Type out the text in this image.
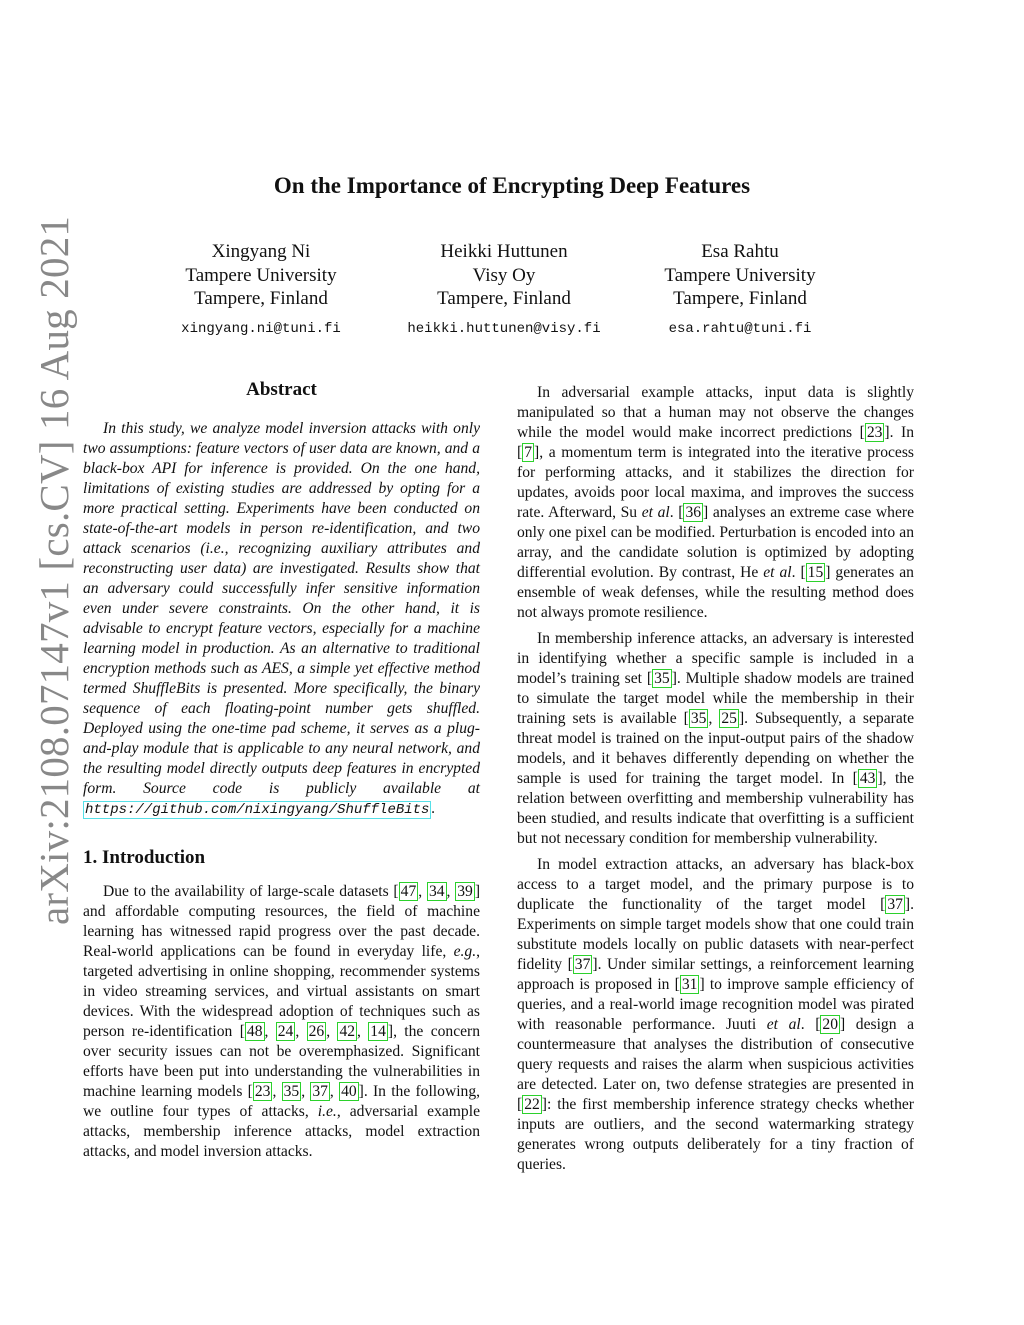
arXiv:2108.07147v1 [cs.CV] 16 Aug 2021
On the Importance of Encrypting Deep Features
Xingyang Ni
Tampere University
Tampere, Finland
xingyang.ni@tuni.fi
Heikki Huttunen
Visy Oy
Tampere, Finland
heikki.huttunen@visy.fi
Esa Rahtu
Tampere University
Tampere, Finland
esa.rahtu@tuni.fi
Abstract

In this study, we analyze model inversion attacks with only two assumptions: feature vectors of user data are known, and a black-box API for inference is provided. On the one hand, limitations of existing studies are addressed by opting for a more practical setting. Experiments have been conducted on state-of-the-art models in person re-identification, and two attack scenarios (i.e., recognizing auxiliary attributes and reconstructing user data) are investigated. Results show that an adversary could successfully infer sensitive information even under severe constraints. On the other hand, it is advisable to encrypt feature vectors, especially for a machine learning model in production. As an alternative to traditional encryption methods such as AES, a simple yet effective method termed ShuffleBits is presented. More specifically, the binary sequence of each floating-point number gets shuffled. Deployed using the one-time pad scheme, it serves as a plug-and-play module that is applicable to any neural network, and the resulting model directly outputs deep features in encrypted form. Source code is publicly available at https://github.com/nixingyang/ShuffleBits .

1. Introduction

Due to the availability of large-scale datasets [ 47 , 34 , 39 ] and affordable computing resources, the field of machine learning has witnessed rapid progress over the past decade. Real-world applications can be found in everyday life, e.g., targeted advertising in online shopping, recommender systems in video streaming services, and virtual assistants on smart devices. With the widespread adoption of techniques such as person re-identification [ 48 , 24 , 26 , 42 , 14 ], the concern over security issues can not be overemphasized. Significant efforts have been put into understanding the vulnerabilities in machine learning models [ 23 , 35 , 37 , 40 ]. In the following, we outline four types of attacks, i.e., adversarial example attacks, membership inference attacks, model extraction attacks, and model inversion attacks.

In adversarial example attacks, input data is slightly manipulated so that a human may not observe the changes while the model would make incorrect predictions [ 23 ]. In [ 7 ], a momentum term is integrated into the iterative process for performing attacks, and it stabilizes the direction for updates, avoids poor local maxima, and improves the success rate. Afterward, Su et al. [ 36 ] analyses an extreme case where only one pixel can be modified. Perturbation is encoded into an array, and the candidate solution is optimized by adopting differential evolution. By contrast, He et al. [ 15 ] generates an ensemble of weak defenses, while the resulting method does not always promote resilience.

In membership inference attacks, an adversary is interested in identifying whether a specific sample is included in a model’s training set [ 35 ]. Multiple shadow models are trained to simulate the target model while the membership in their training sets is available [ 35 , 25 ]. Subsequently, a separate threat model is trained on the input-output pairs of the shadow models, and it behaves differently depending on whether the sample is used for training the target model. In [ 43 ], the relation between overfitting and membership vulnerability has been studied, and results indicate that overfitting is a sufficient but not necessary condition for membership vulnerability.

In model extraction attacks, an adversary has black-box access to a target model, and the primary purpose is to duplicate the functionality of the target model [ 37 ]. Experiments on simple target models show that one could train substitute models locally on public datasets with near-perfect fidelity [ 37 ]. Under similar settings, a reinforcement learning approach is proposed in [ 31 ] to improve sample efficiency of queries, and a real-world image recognition model was pirated with reasonable performance. Juuti et al. [ 20 ] design a countermeasure that analyses the distribution of consecutive query requests and raises the alarm when suspicious activities are detected. Later on, two defense strategies are presented in [ 22 ]: the first membership inference strategy checks whether inputs are outliers, and the second watermarking strategy generates wrong outputs deliberately for a tiny fraction of queries.
